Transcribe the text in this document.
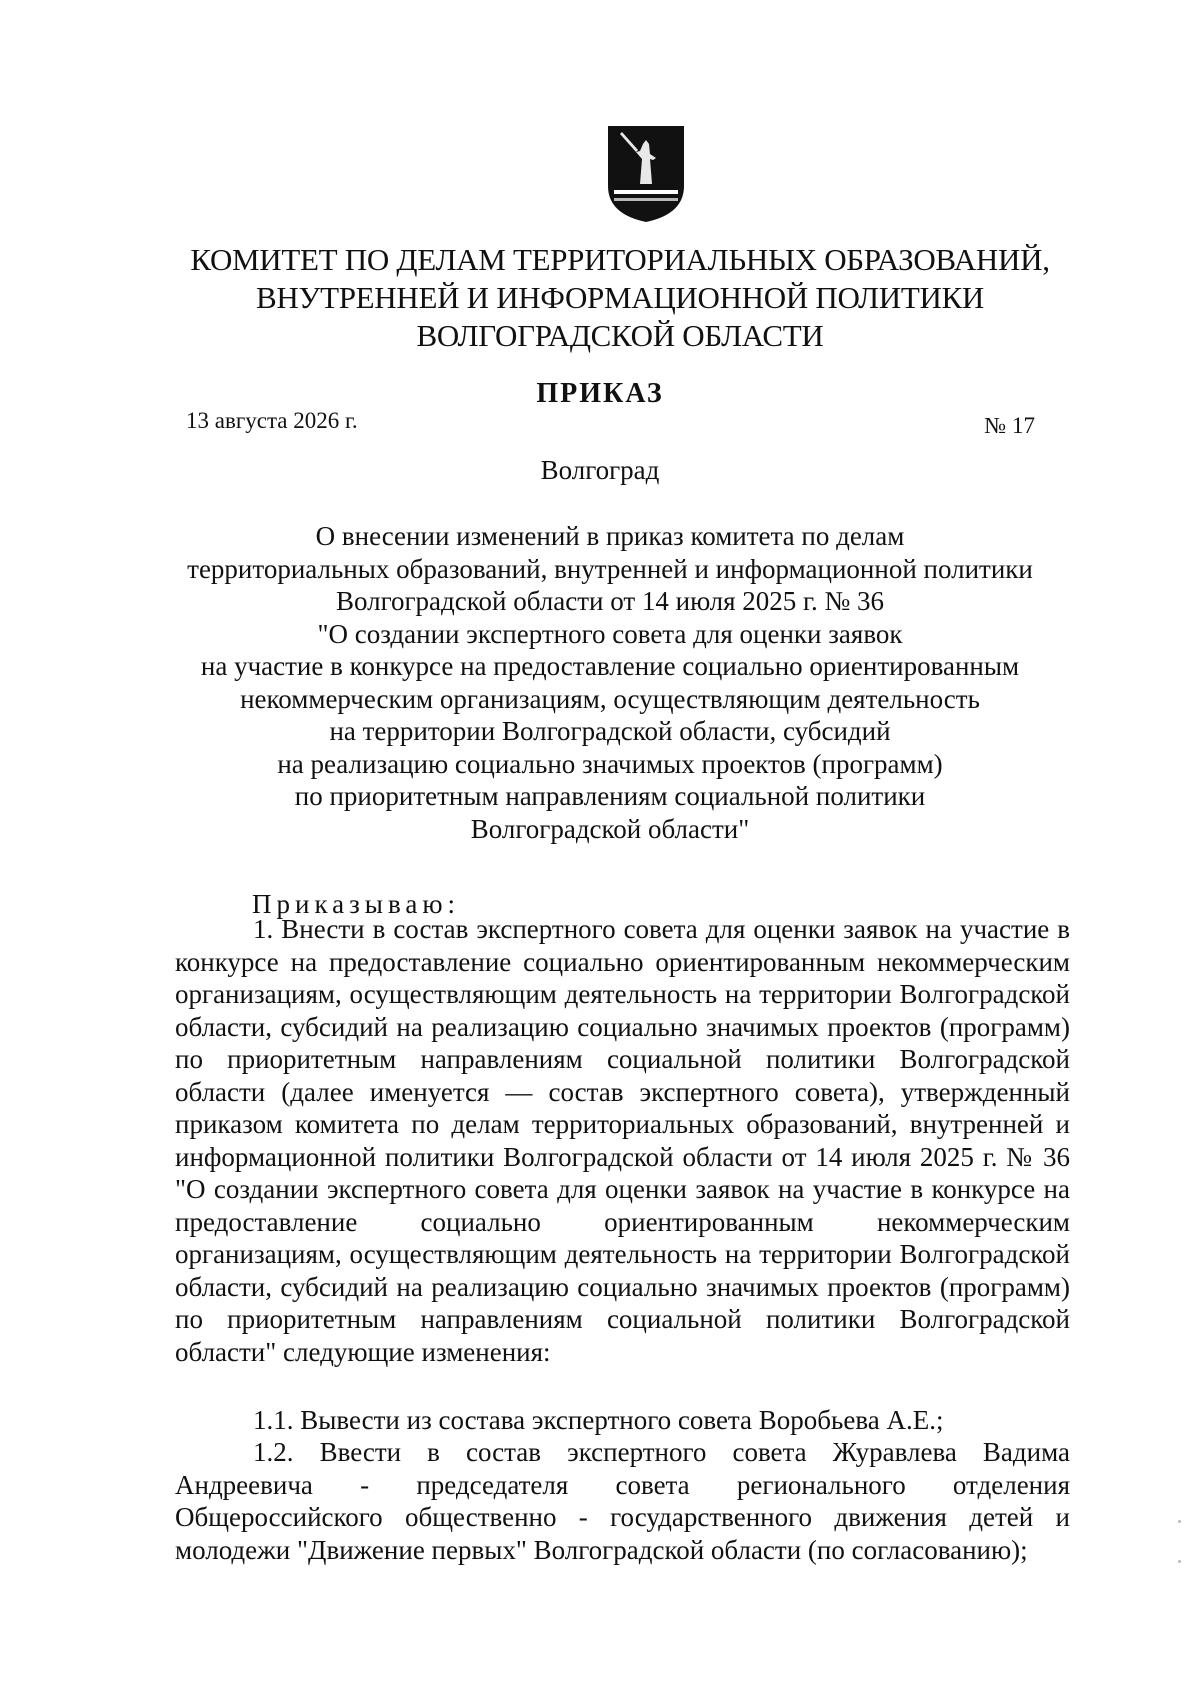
КОМИТЕТ ПО ДЕЛАМ ТЕРРИТОРИАЛЬНЫХ ОБРАЗОВАНИЙ,
ВНУТРЕННЕЙ И ИНФОРМАЦИОННОЙ ПОЛИТИКИ
ВОЛГОГРАДСКОЙ ОБЛАСТИ
ПРИКАЗ
13 августа 2026 г.	№ 17
Волгоград
О внесении изменений в приказ комитета по делам
территориальных образований, внутренней и информационной политики
Волгоградской области от 14 июля 2025 г. № 36
"О создании экспертного совета для оценки заявок
на участие в конкурсе на предоставление социально ориентированным
некоммерческим организациям, осуществляющим деятельность
на территории Волгоградской области, субсидий
на реализацию социально значимых проектов (программ)
по приоритетным направлениям социальной политики
Волгоградской области"
Приказываю:
1. Внести в состав экспертного совета для оценки заявок на участие в конкурсе на предоставление социально ориентированным некоммерческим организациям, осуществляющим деятельность на территории Волгоградской области, субсидий на реализацию социально значимых проектов (программ) по приоритетным направлениям социальной политики Волгоградской области (далее именуется — состав экспертного совета), утвержденный приказом комитета по делам территориальных образований, внутренней и информационной политики Волгоградской области от 14 июля 2025 г. № 36 "О создании экспертного совета для оценки заявок на участие в конкурсе на предоставление социально ориентированным некоммерческим организациям, осуществляющим деятельность на территории Волгоградской области, субсидий на реализацию социально значимых проектов (программ) по приоритетным направлениям социальной политики Волгоградской области" следующие изменения:
1.1. Вывести из состава экспертного совета Воробьева А.Е.;
1.2. Ввести в состав экспертного совета Журавлева Вадима Андреевича - председателя совета регионального отделения Общероссийского общественно - государственного движения детей и молодежи "Движение первых" Волгоградской области (по согласованию);
